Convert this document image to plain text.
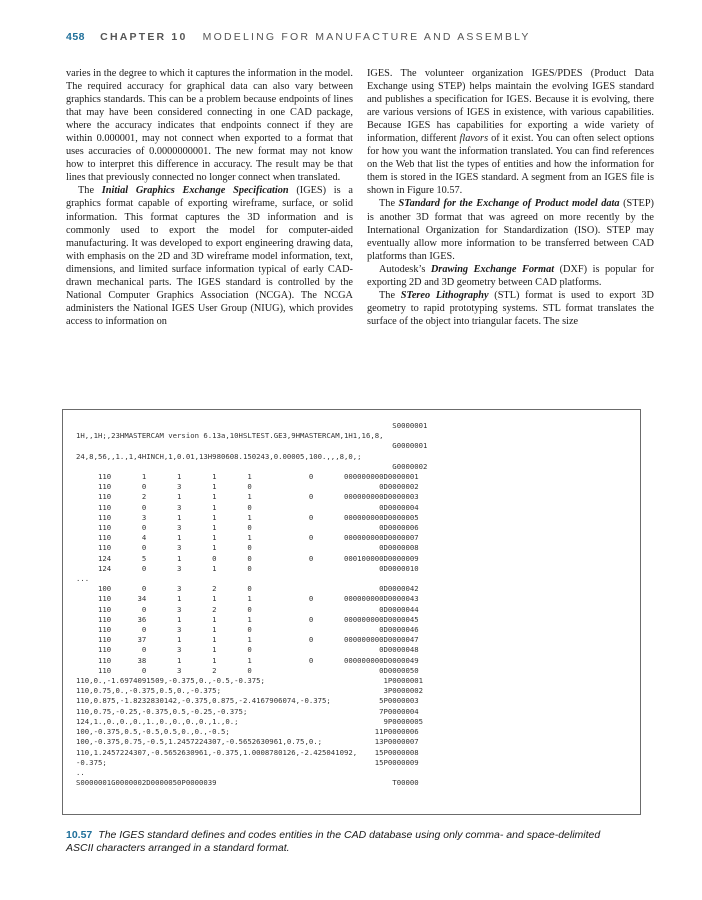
458 CHAPTER 10 MODELING FOR MANUFACTURE AND ASSEMBLY

varies in the degree to which it captures the information in the model. The required accuracy for graphical data can also vary between graphics standards. This can be a problem because endpoints of lines that may have been considered connecting in one CAD package, where the accuracy indicates that endpoints connect if they are within 0.000001, may not connect when exported to a format that uses accuracies of 0.0000000001. The new format may not know how to interpret this difference in accuracy. The result may be that lines that previously connected no longer connect when translated.

The Initial Graphics Exchange Specification (IGES) is a graphics format capable of exporting wireframe, surface, or solid information. This format captures the 3D information and is commonly used to export the model for computer-aided manufacturing. It was developed to export engineering drawing data, with emphasis on the 2D and 3D wireframe model information, text, dimensions, and limited surface information typical of early CAD-drawn mechanical parts. The IGES standard is controlled by the National Computer Graphics Association (NCGA). The NCGA administers the National IGES User Group (NIUG), which provides access to information on

IGES. The volunteer organization IGES/PDES (Product Data Exchange using STEP) helps maintain the evolving IGES standard and publishes a specification for IGES. Because it is evolving, there are various versions of IGES in existence, with various capabilities. Because IGES has capabilities for exporting a wide variety of information, different flavors of it exist. You can often select options for how you want the information translated. You can find references on the Web that list the types of entities and how the information for them is stored in the IGES standard. A segment from an IGES file is shown in Figure 10.57.

The STandard for the Exchange of Product model data (STEP) is another 3D format that was agreed on more recently by the International Organization for Standardization (ISO). STEP may eventually allow more information to be transferred between CAD platforms than IGES.

Autodesk’s Drawing Exchange Format (DXF) is popular for exporting 2D and 3D geometry between CAD platforms.

The STereo Lithography (STL) format is used to export 3D geometry to rapid prototyping systems. STL format translates the surface of the object into triangular facets. The size

S0000001
1H,,1H;,23HMASTERCAM version 6.13a,10HSLTEST.GE3,9HMASTERCAM,1H1,16,8,
G0000001
24,8,56,,1.,1,4HINCH,1,0.01,13H980608.150243,0.00005,100.,,,8,0,;
G0000002
110       1       1       1       1             0       000000000D0000001
110       0       3       1       0                             0D0000002
110       2       1       1       1             0       000000000D0000003
110       0       3       1       0                             0D0000004
110       3       1       1       1             0       000000000D0000005
110       0       3       1       0                             0D0000006
110       4       1       1       1             0       000000000D0000007
110       0       3       1       0                             0D0000008
124       5       1       0       0             0       000100000D0000009
124       0       3       1       0                             0D0000010
...
100       0       3       2       0                             0D0000042
110      34       1       1       1             0       000000000D0000043
110       0       3       2       0                             0D0000044
110      36       1       1       1             0       000000000D0000045
110       0       3       1       0                             0D0000046
110      37       1       1       1             0       000000000D0000047
110       0       3       1       0                             0D0000048
110      38       1       1       1             0       000000000D0000049
110       0       3       2       0                             0D0000050
110,0.,-1.6974091509,-0.375,0.,-0.5,-0.375;                           1P0000001
110,0.75,0.,-0.375,0.5,0.,-0.375;                                     3P0000002
110,0.875,-1.8232830142,-0.375,0.875,-2.4167906074,-0.375;           5P0000003
110,0.75,-0.25,-0.375,0.5,-0.25,-0.375;                              7P0000004
124,1.,0.,0.,0.,1.,0.,0.,0.,0.,1.,0.;                                 9P0000005
100,-0.375,0.5,-0.5,0.5,0.,0.,-0.5;                                 11P0000006
100,-0.375,0.75,-0.5,1.2457224307,-0.5652630961,0.75,0.;            13P0000007
110,1.2457224307,-0.5652630961,-0.375,1.0008780126,-2.425041092,    15P0000008
-0.375;                                                             15P0000009
..
S0000001G0000002D0000050P0000039                                        T00000

10.57 The IGES standard defines and codes entities in the CAD database using only comma- and space-delimited ASCII characters arranged in a standard format.
